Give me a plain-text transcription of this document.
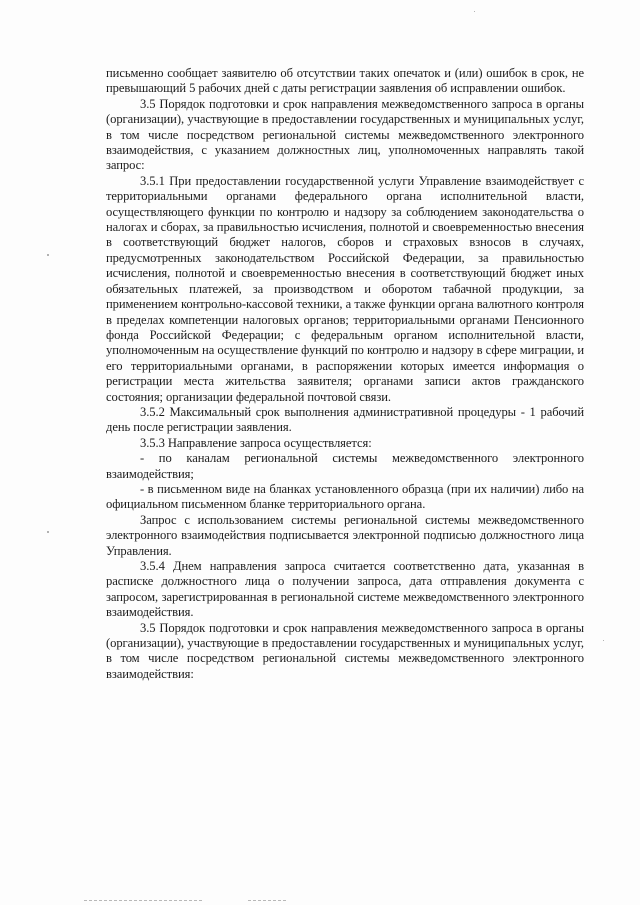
письменно сообщает заявителю об отсутствии таких опечаток и (или) ошибок в срок, не превышающий 5 рабочих дней с даты регистрации заявления об исправлении ошибок.

3.5 Порядок подготовки и срок направления межведомственного запроса в органы (организации), участвующие в предоставлении государственных и муниципальных услуг, в том числе посредством региональной системы межведомственного электронного взаимодействия, с указанием должностных лиц, уполномоченных направлять такой запрос:

3.5.1 При предоставлении государственной услуги Управление взаимодействует с территориальными органами федерального органа исполнительной власти, осуществляющего функции по контролю и надзору за соблюдением законодательства о налогах и сборах, за правильностью исчисления, полнотой и своевременностью внесения в соответствующий бюджет налогов, сборов и страховых взносов в случаях, предусмотренных законодательством Российской Федерации, за правильностью исчисления, полнотой и своевременностью внесения в соответствующий бюджет иных обязательных платежей, за производством и оборотом табачной продукции, за применением контрольно-кассовой техники, а также функции органа валютного контроля в пределах компетенции налоговых органов; территориальными органами Пенсионного фонда Российской Федерации; с федеральным органом исполнительной власти, уполномоченным на осуществление функций по контролю и надзору в сфере миграции, и его территориальными органами, в распоряжении которых имеется информация о регистрации места жительства заявителя; органами записи актов гражданского состояния; организации федеральной почтовой связи.

3.5.2 Максимальный срок выполнения административной процедуры - 1 рабочий день после регистрации заявления.

3.5.3 Направление запроса осуществляется:

- по каналам региональной системы межведомственного электронного взаимодействия;

- в письменном виде на бланках установленного образца (при их наличии) либо на официальном письменном бланке территориального органа.

Запрос с использованием системы региональной системы межведомственного электронного взаимодействия подписывается электронной подписью должностного лица Управления.

3.5.4 Днем направления запроса считается соответственно дата, указанная в расписке должностного лица о получении запроса, дата отправления документа с запросом, зарегистрированная в региональной системе межведомственного электронного взаимодействия.

3.5 Порядок подготовки и срок направления межведомственного запроса в органы (организации), участвующие в предоставлении государственных и муниципальных услуг, в том числе посредством региональной системы межведомственного электронного взаимодействия:
